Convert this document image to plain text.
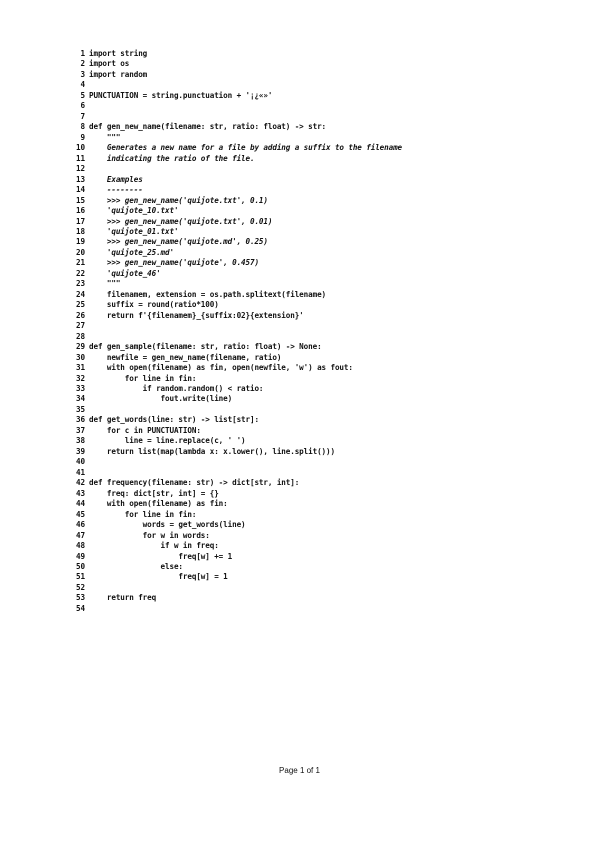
1 import string
2 import os
3 import random
4
5 PUNCTUATION = string.punctuation + '¡¿«»'
6
7
8 def gen_new_name(filename: str, ratio: float) -> str:
9 """
10 Generates a new name for a file by adding a suffix to the filename
11 indicating the ratio of the file.
12
13 Examples
14 --------
15 >>> gen_new_name('quijote.txt', 0.1)
16 'quijote_10.txt'
17 >>> gen_new_name('quijote.txt', 0.01)
18 'quijote_01.txt'
19 >>> gen_new_name('quijote.md', 0.25)
20 'quijote_25.md'
21 >>> gen_new_name('quijote', 0.457)
22 'quijote_46'
23 """
24 filenamem, extension = os.path.splitext(filename)
25 suffix = round(ratio*100)
26 return f'{filenamem}_{suffix:02}{extension}'
27
28
29 def gen_sample(filename: str, ratio: float) -> None:
30 newfile = gen_new_name(filename, ratio)
31 with open(filename) as fin, open(newfile, 'w') as fout:
32 for line in fin:
33 if random.random() < ratio:
34 fout.write(line)
35
36 def get_words(line: str) -> list[str]:
37 for c in PUNCTUATION:
38 line = line.replace(c, ' ')
39 return list(map(lambda x: x.lower(), line.split()))
40
41
42 def frequency(filename: str) -> dict[str, int]:
43 freq: dict[str, int] = {}
44 with open(filename) as fin:
45 for line in fin:
46 words = get_words(line)
47 for w in words:
48 if w in freq:
49 freq[w] += 1
50 else:
51 freq[w] = 1
52
53 return freq
54
Page 1 of 1
